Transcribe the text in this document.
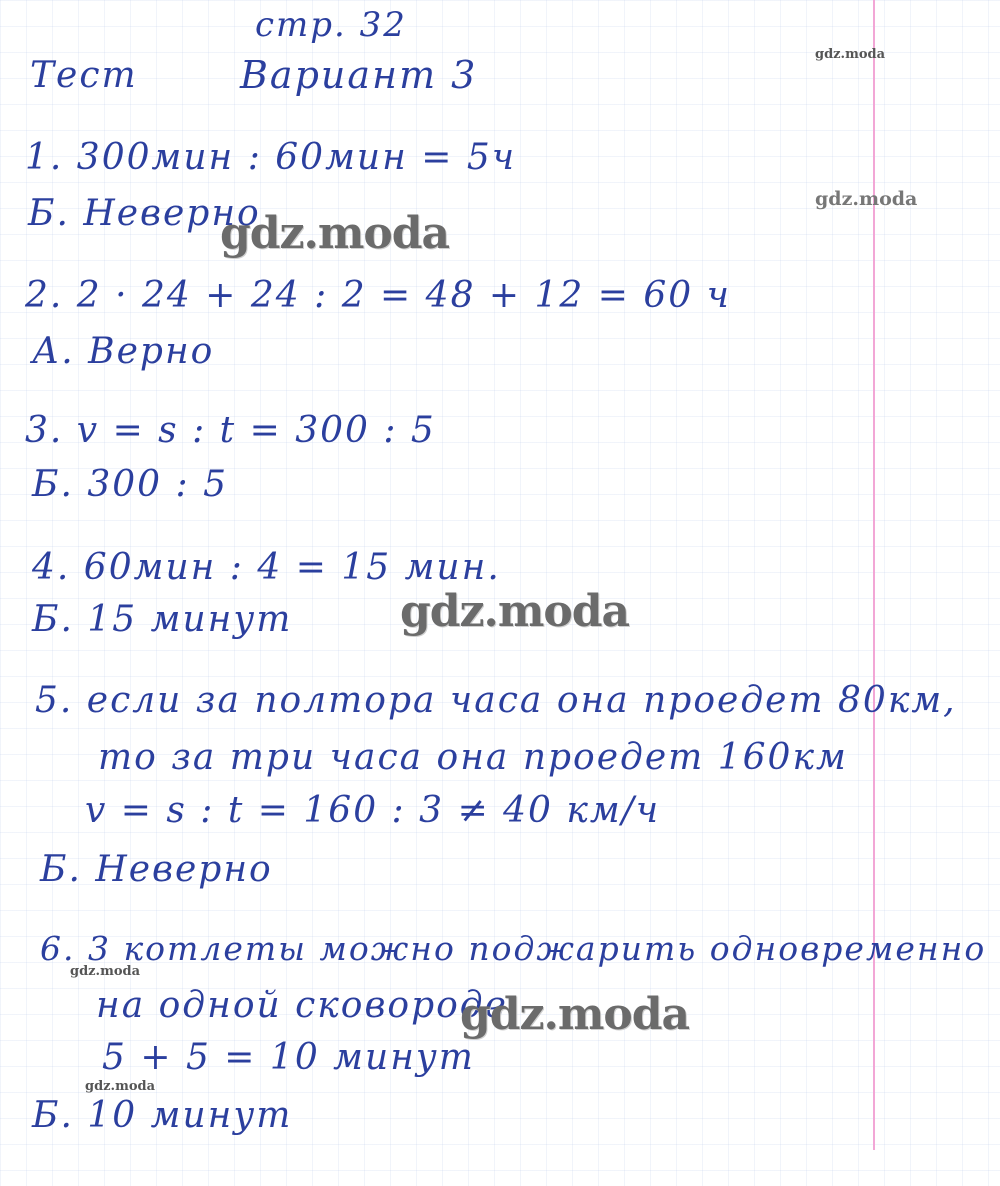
стр. 32
Тест	Вариант 3
1. 300мин : 60мин = 5ч
Б. Неверно
2. 2 · 24 + 24 : 2 = 48 + 12 = 60 ч
А. Верно
3. v = s : t = 300 : 5
Б. 300 : 5
4. 60мин : 4 = 15 мин.
Б. 15 минут
5. если за полтора часа она проедет 80км,
то за три часа она проедет 160км
v = s : t = 160 : 3 ≠ 40 км/ч
Б. Неверно
6. 3 котлеты можно поджарить одновременно
на одной сковороде
5 + 5 = 10 минут
Б. 10 минут
gdz.moda
gdz.moda
gdz.moda
gdz.moda
gdz.moda
gdz.moda
gdz.moda
